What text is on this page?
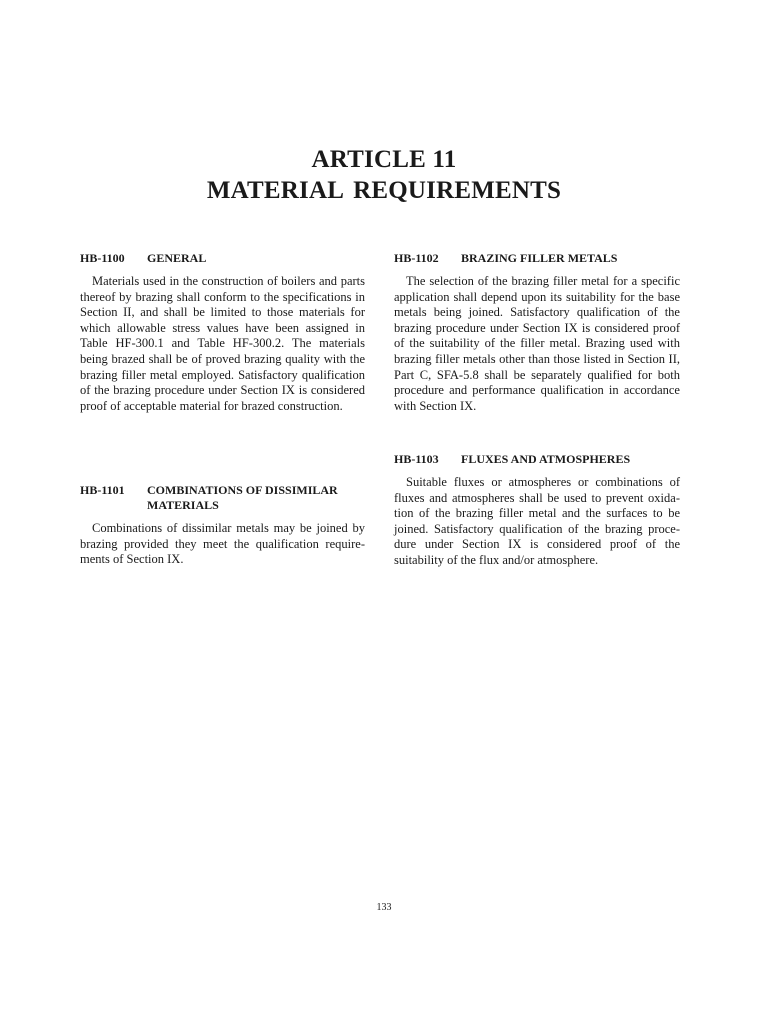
ARTICLE 11
MATERIAL REQUIREMENTS
HB-1100	GENERAL

Materials used in the construction of boilers and parts thereof by brazing shall conform to the specifications in Section II, and shall be limited to those materials for which allowable stress values have been assigned in Table HF-300.1 and Table HF-300.2. The materials being brazed shall be of proved brazing quality with the brazing filler metal employed. Satisfactory qualification of the brazing procedure under Section IX is considered proof of acceptable material for brazed construction.

HB-1101	COMBINATIONS OF DISSIMILAR MATERIALS

Combinations of dissimilar metals may be joined by brazing provided they meet the qualification requirements of Section IX.

HB-1102	BRAZING FILLER METALS

The selection of the brazing filler metal for a specific application shall depend upon its suitability for the base metals being joined. Satisfactory qualification of the brazing procedure under Section IX is considered proof of the suitability of the filler metal. Brazing used with brazing filler metals other than those listed in Section II, Part C, SFA-5.8 shall be separately qualified for both procedure and performance qualification in accordance with Section IX.

HB-1103	FLUXES AND ATMOSPHERES

Suitable fluxes or atmospheres or combinations of fluxes and atmospheres shall be used to prevent oxidation of the brazing filler metal and the surfaces to be joined. Satisfactory qualification of the brazing procedure under Section IX is considered proof of the suitability of the flux and/or atmosphere.

133
